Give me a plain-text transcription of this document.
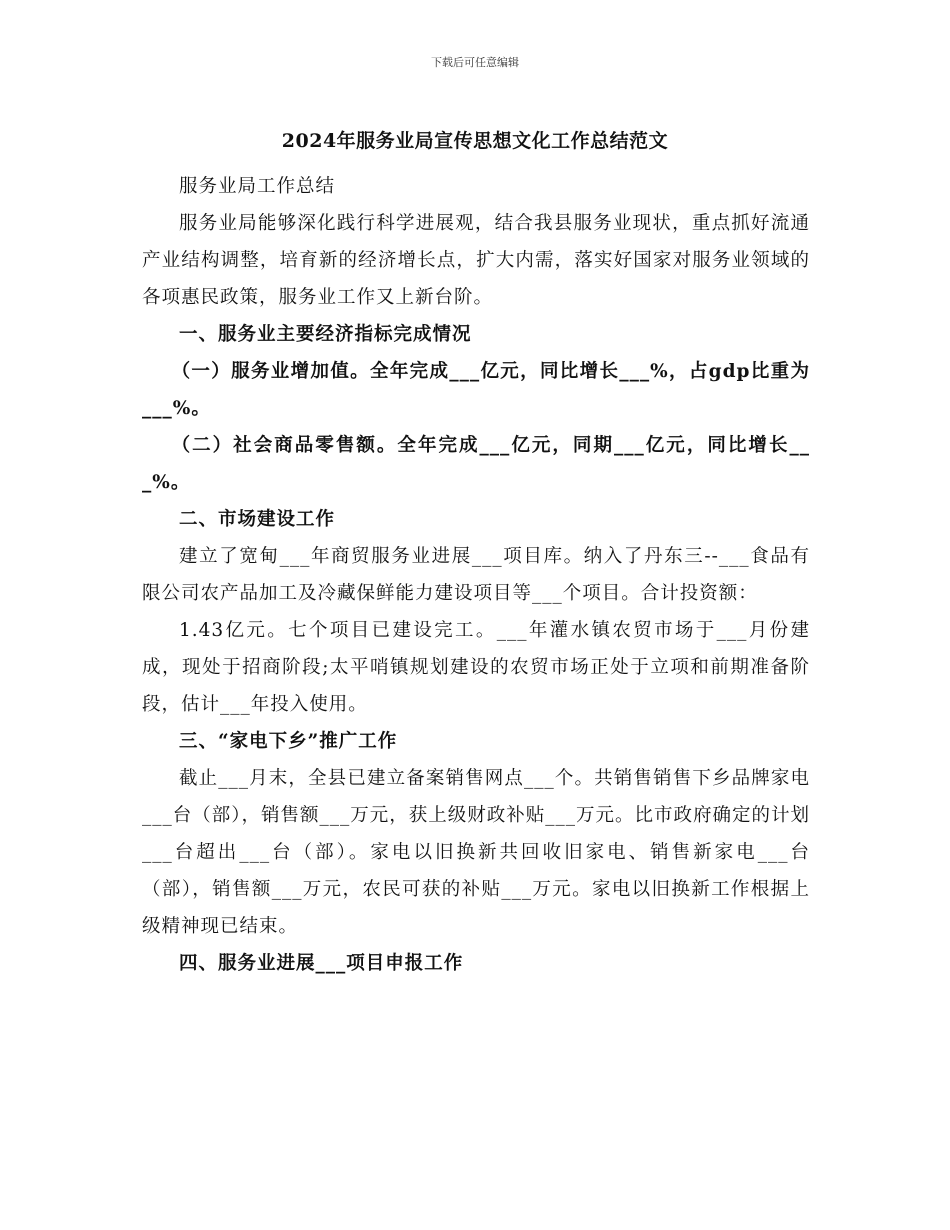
下载后可任意编辑
2024年服务业局宣传思想文化工作总结范文

服务业局工作总结

服务业局能够深化践行科学进展观，结合我县服务业现状，重点抓好流通产业结构调整，培育新的经济增长点，扩大内需，落实好国家对服务业领域的各项惠民政策，服务业工作又上新台阶。

一、服务业主要经济指标完成情况

（一）服务业增加值。全年完成___亿元，同比增长___%，占gdp比重为___%。

（二）社会商品零售额。全年完成___亿元，同期___亿元，同比增长___%。

二、市场建设工作

建立了宽甸___年商贸服务业进展___项目库。纳入了丹东三--___食品有限公司农产品加工及冷藏保鲜能力建设项目等___个项目。合计投资额：

1.43亿元。七个项目已建设完工。___年灌水镇农贸市场于___月份建成，现处于招商阶段;太平哨镇规划建设的农贸市场正处于立项和前期准备阶段，估计___年投入使用。

三、“家电下乡”推广工作

截止___月末，全县已建立备案销售网点___个。共销售销售下乡品牌家电___台（部），销售额___万元，获上级财政补贴___万元。比市政府确定的计划___台超出___台（部）。家电以旧换新共回收旧家电、销售新家电___台（部），销售额___万元，农民可获的补贴___万元。家电以旧换新工作根据上级精神现已结束。

四、服务业进展___项目申报工作
